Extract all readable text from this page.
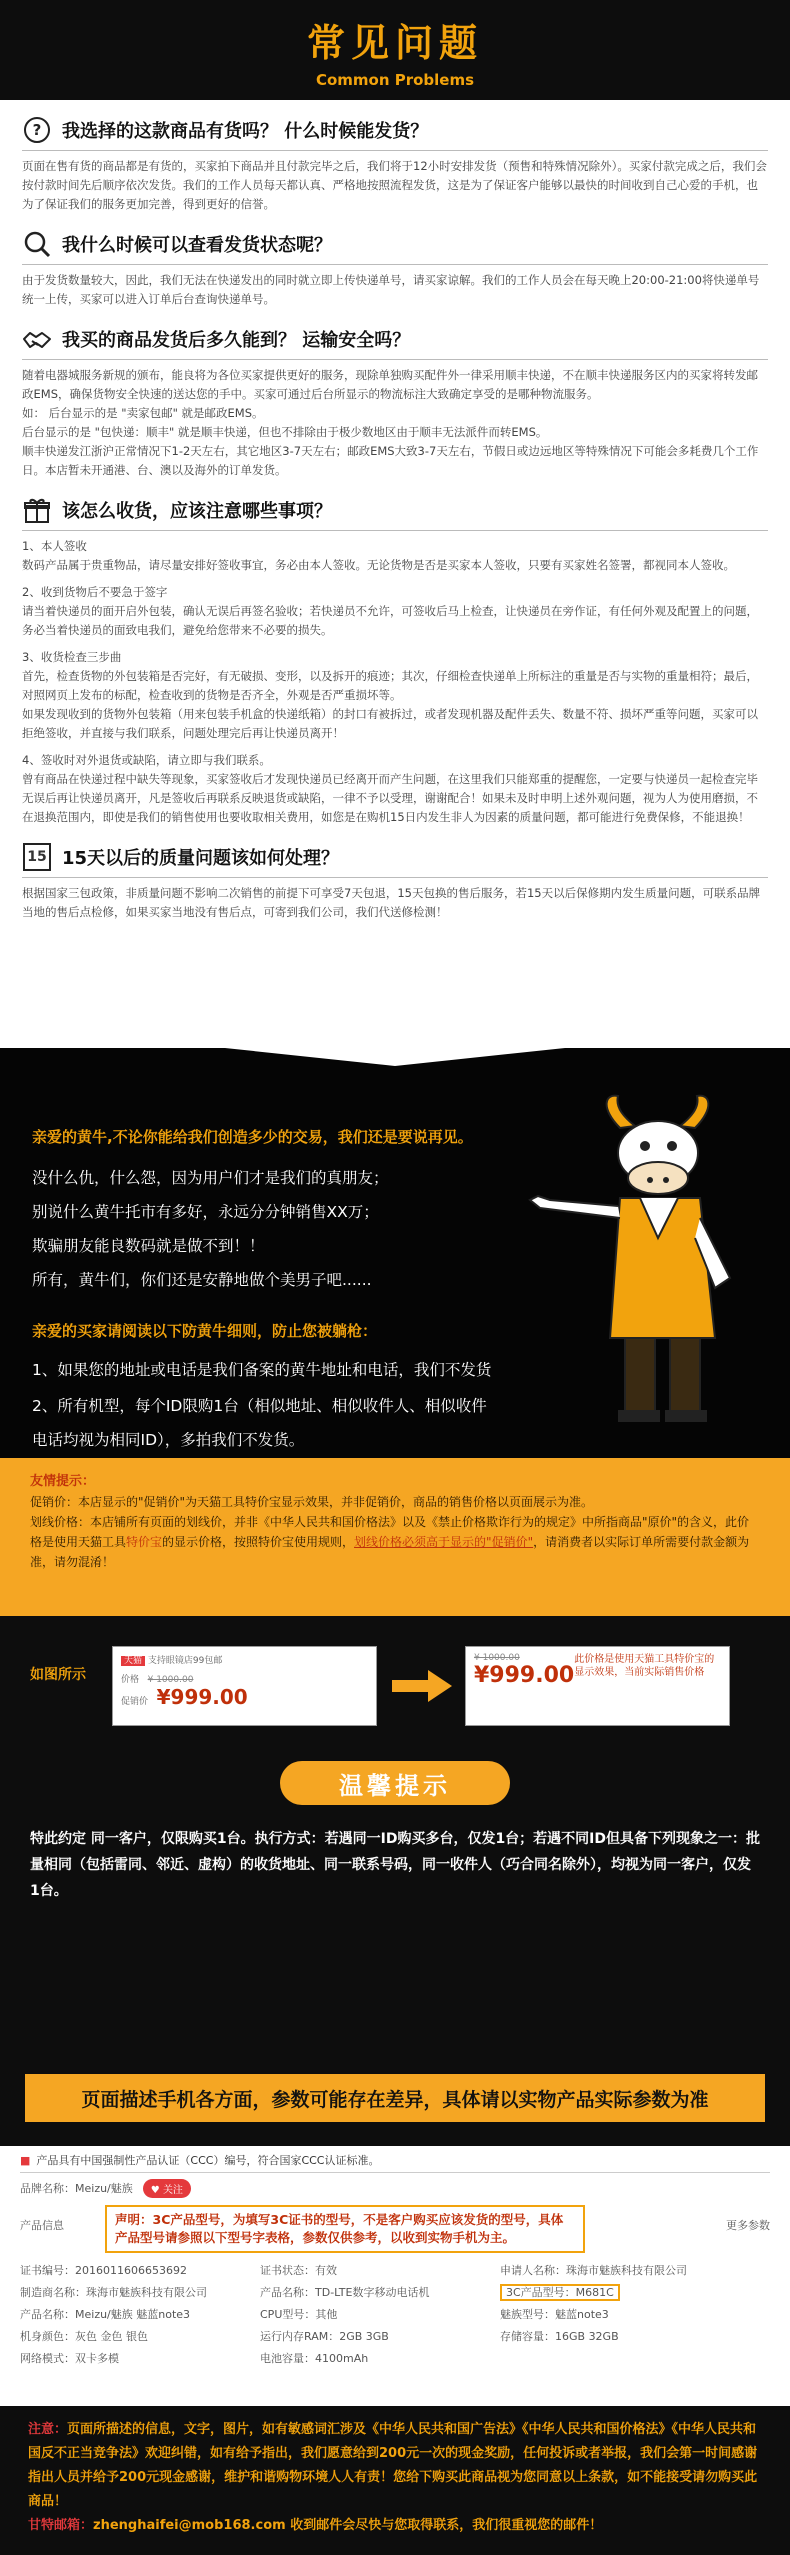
常见问题
Common Problems
? 我选择的这款商品有货吗？ 什么时候能发货？

页面在售有货的商品都是有货的，买家拍下商品并且付款完毕之后，我们将于12小时安排发货（预售和特殊情况除外）。买家付款完成之后，我们会按付款时间先后顺序依次发货。我们的工作人员每天都认真、严格地按照流程发货，这是为了保证客户能够以最快的时间收到自己心爱的手机，也为了保证我们的服务更加完善，得到更好的信誉。

我什么时候可以查看发货状态呢？

由于发货数量较大，因此，我们无法在快递发出的同时就立即上传快递单号，请买家谅解。我们的工作人员会在每天晚上20:00-21:00将快递单号统一上传，买家可以进入订单后台查询快递单号。

我买的商品发货后多久能到？ 运输安全吗？

随着电器城服务新规的颁布，能良将为各位买家提供更好的服务，现除单独购买配件外一律采用顺丰快递，不在顺丰快递服务区内的买家将转发邮政EMS，确保货物安全快速的送达您的手中。买家可通过后台所显示的物流标注大致确定享受的是哪种物流服务。

如： 后台显示的是 "卖家包邮" 就是邮政EMS。

后台显示的是 "包快递：顺丰" 就是顺丰快递，但也不排除由于极少数地区由于顺丰无法派件而转EMS。

顺丰快递发江浙沪正常情况下1-2天左右，其它地区3-7天左右；邮政EMS大致3-7天左右，节假日或边远地区等特殊情况下可能会多耗费几个工作日。本店暂未开通港、台、澳以及海外的订单发货。

该怎么收货，应该注意哪些事项？

1、本人签收

数码产品属于贵重物品，请尽量安排好签收事宜，务必由本人签收。无论货物是否是买家本人签收，只要有买家姓名签署，都视同本人签收。

2、收到货物后不要急于签字

请当着快递员的面开启外包装，确认无误后再签名验收；若快递员不允许，可签收后马上检查，让快递员在旁作证，有任何外观及配置上的问题，务必当着快递员的面致电我们，避免给您带来不必要的损失。

3、收货检查三步曲

首先，检查货物的外包装箱是否完好，有无破损、变形，以及拆开的痕迹；其次，仔细检查快递单上所标注的重量是否与实物的重量相符；最后，对照网页上发布的标配，检查收到的货物是否齐全，外观是否严重损坏等。

如果发现收到的货物外包装箱（用来包装手机盒的快递纸箱）的封口有被拆过，或者发现机器及配件丢失、数量不符、损坏严重等问题，买家可以拒绝签收，并直接与我们联系，问题处理完后再让快递员离开！

4、签收时对外退货或缺陷，请立即与我们联系。

曾有商品在快递过程中缺失等现象，买家签收后才发现快递员已经离开而产生问题，在这里我们只能郑重的提醒您，一定要与快递员一起检查完毕无误后再让快递员离开，凡是签收后再联系反映退货或缺陷，一律不予以受理，谢谢配合！如果未及时申明上述外观问题，视为人为使用磨损，不在退换范围内，即使是我们的销售使用也要收取相关费用，如您是在购机15日内发生非人为因素的质量问题，都可能进行免费保修，不能退换！

15 15天以后的质量问题该如何处理？

根据国家三包政策，非质量问题不影响二次销售的前提下可享受7天包退，15天包换的售后服务，若15天以后保修期内发生质量问题，可联系品牌当地的售后点检修，如果买家当地没有售后点，可寄到我们公司，我们代送修检测！

亲爱的黄牛,不论你能给我们创造多少的交易，我们还是要说再见。
没什么仇，什么怨，因为用户们才是我们的真朋友；
别说什么黄牛托市有多好，永远分分钟销售XX万；
欺骗朋友能良数码就是做不到！！
所有，黄牛们，你们还是安静地做个美男子吧......
亲爱的买家请阅读以下防黄牛细则，防止您被躺枪：
1、如果您的地址或电话是我们备案的黄牛地址和电话，我们不发货
2、所有机型，每个ID限购1台（相似地址、相似收件人、相似收件
电话均视为相同ID），多拍我们不发货。

友情提示：

促销价：本店显示的"促销价"为天猫工具特价宝显示效果，并非促销价，商品的销售价格以页面展示为准。

划线价格：本店铺所有页面的划线价，并非《中华人民共和国价格法》以及《禁止价格欺诈行为的规定》中所指商品"原价"的含义，此价格是使用天猫工具特价宝的显示价格，按照特价宝使用规则，划线价格必须高于显示的"促销价"，请消费者以实际订单所需要付款金额为准，请勿混淆！

如图所示
天猫 支持眼镜店99包邮
价格 ¥ 1000.00
促销价 ¥999.00
¥ 1000.00
¥999.00
此价格是使用天猫工具特价宝的显示效果，当前实际销售价格
温馨提示
特此约定 同一客户，仅限购买1台。执行方式：若遇同一ID购买多台，仅发1台；若遇不同ID但具备下列现象之一：批量相同（包括雷同、邻近、虚构）的收货地址、同一联系号码，同一收件人（巧合同名除外），均视为同一客户，仅发1台。
页面描述手机各方面，参数可能存在差异，具体请以实物产品实际参数为准
■ 产品具有中国强制性产品认证（CCC）编号，符合国家CCC认证标准。
品牌名称： Meizu/魅族	♥ 关注
产品信息	声明：3C产品型号，为填写3C证书的型号，不是客户购买应该发货的型号，具体产品型号请参照以下型号字表格，参数仅供参考，以收到实物手机为主。
更多参数
证书编号：2016011606653692	证书状态：有效	申请人名称：珠海市魅族科技有限公司
制造商名称：珠海市魅族科技有限公司	产品名称：TD-LTE数字移动电话机	3C产品型号：M681C
产品名称：Meizu/魅族 魅蓝note3	CPU型号：其他	魅族型号：魅蓝note3
机身颜色：灰色 金色 银色	运行内存RAM：2GB 3GB	存储容量：16GB 32GB
网络模式：双卡多模	电池容量：4100mAh

注意：页面所描述的信息，文字，图片，如有敏感词汇涉及《中华人民共和国广告法》《中华人民共和国价格法》《中华人民共和国反不正当竞争法》欢迎纠错，如有给予指出，我们愿意给到200元一次的现金奖励，任何投诉或者举报，我们会第一时间感谢指出人员并给予200元现金感谢，维护和谐购物环境人人有责！您给下购买此商品视为您同意以上条款，如不能接受请勿购买此商品！

甘特邮箱：zhenghaifei@mob168.com 收到邮件会尽快与您取得联系，我们很重视您的邮件！
